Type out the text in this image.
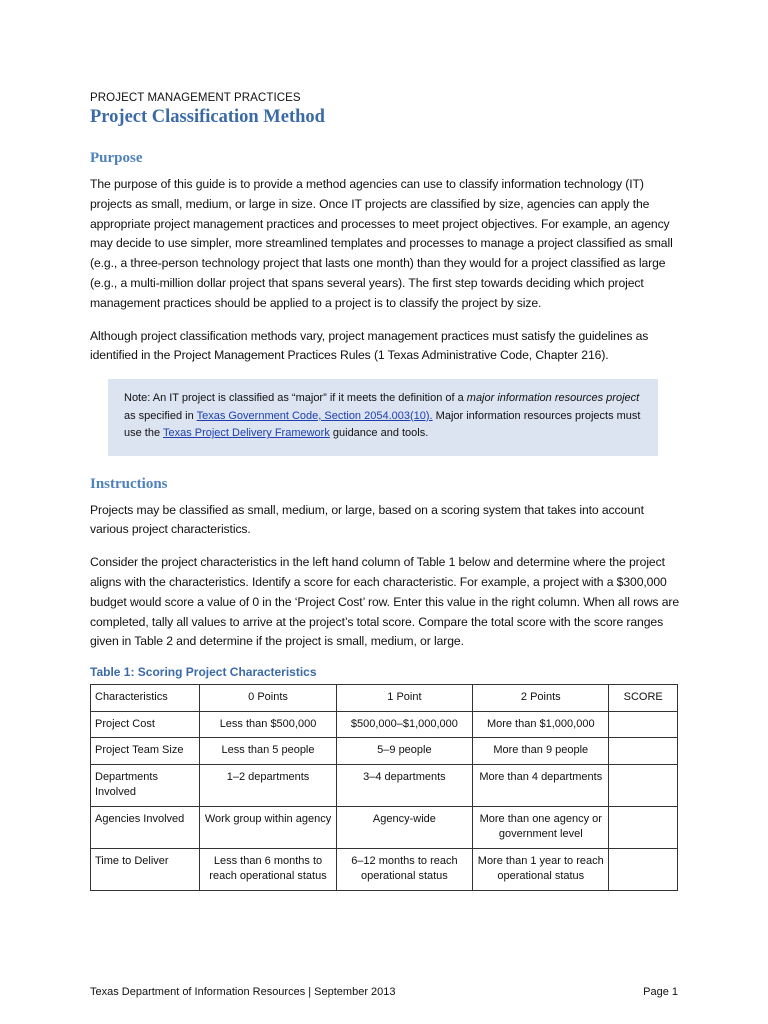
PROJECT MANAGEMENT PRACTICES
Project Classification Method
Purpose

The purpose of this guide is to provide a method agencies can use to classify information technology (IT) projects as small, medium, or large in size. Once IT projects are classified by size, agencies can apply the appropriate project management practices and processes to meet project objectives. For example, an agency may decide to use simpler, more streamlined templates and processes to manage a project classified as small (e.g., a three-person technology project that lasts one month) than they would for a project classified as large (e.g., a multi-million dollar project that spans several years). The first step towards deciding which project management practices should be applied to a project is to classify the project by size.

Although project classification methods vary, project management practices must satisfy the guidelines as identified in the Project Management Practices Rules (1 Texas Administrative Code, Chapter 216).

Note: An IT project is classified as “major” if it meets the definition of a major information resources project as specified in Texas Government Code, Section 2054.003(10). Major information resources projects must use the Texas Project Delivery Framework guidance and tools.
Instructions

Projects may be classified as small, medium, or large, based on a scoring system that takes into account various project characteristics.

Consider the project characteristics in the left hand column of Table 1 below and determine where the project aligns with the characteristics. Identify a score for each characteristic. For example, a project with a $300,000 budget would score a value of 0 in the ‘Project Cost’ row. Enter this value in the right column. When all rows are completed, tally all values to arrive at the project’s total score. Compare the total score with the score ranges given in Table 2 and determine if the project is small, medium, or large.

Table 1: Scoring Project Characteristics
Characteristics	0 Points	1 Point	2 Points	SCORE
Project Cost	Less than $500,000	$500,000–$1,000,000	More than $1,000,000	
Project Team Size	Less than 5 people	5–9 people	More than 9 people	
Departments Involved	1–2 departments	3–4 departments	More than 4 departments	
Agencies Involved	Work group within agency	Agency-wide	More than one agency or government level	
Time to Deliver	Less than 6 months to reach operational status	6–12 months to reach operational status	More than 1 year to reach operational status	
Texas Department of Information Resources | September 2013	Page 1
